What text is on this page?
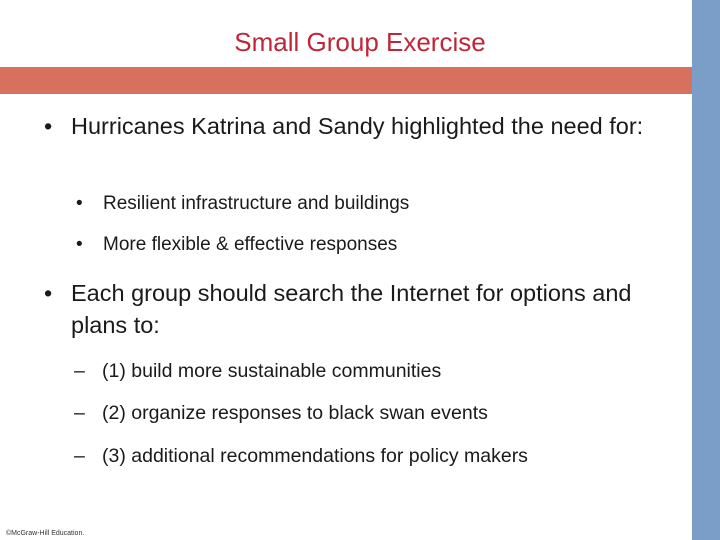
Small Group Exercise
• Hurricanes Katrina and Sandy highlighted the need for:
• Resilient infrastructure and buildings
• More flexible & effective responses
• Each group should search the Internet for options and plans to:
– (1) build more sustainable communities
– (2) organize responses to black swan events
– (3) additional recommendations for policy makers
©McGraw-Hill Education.
